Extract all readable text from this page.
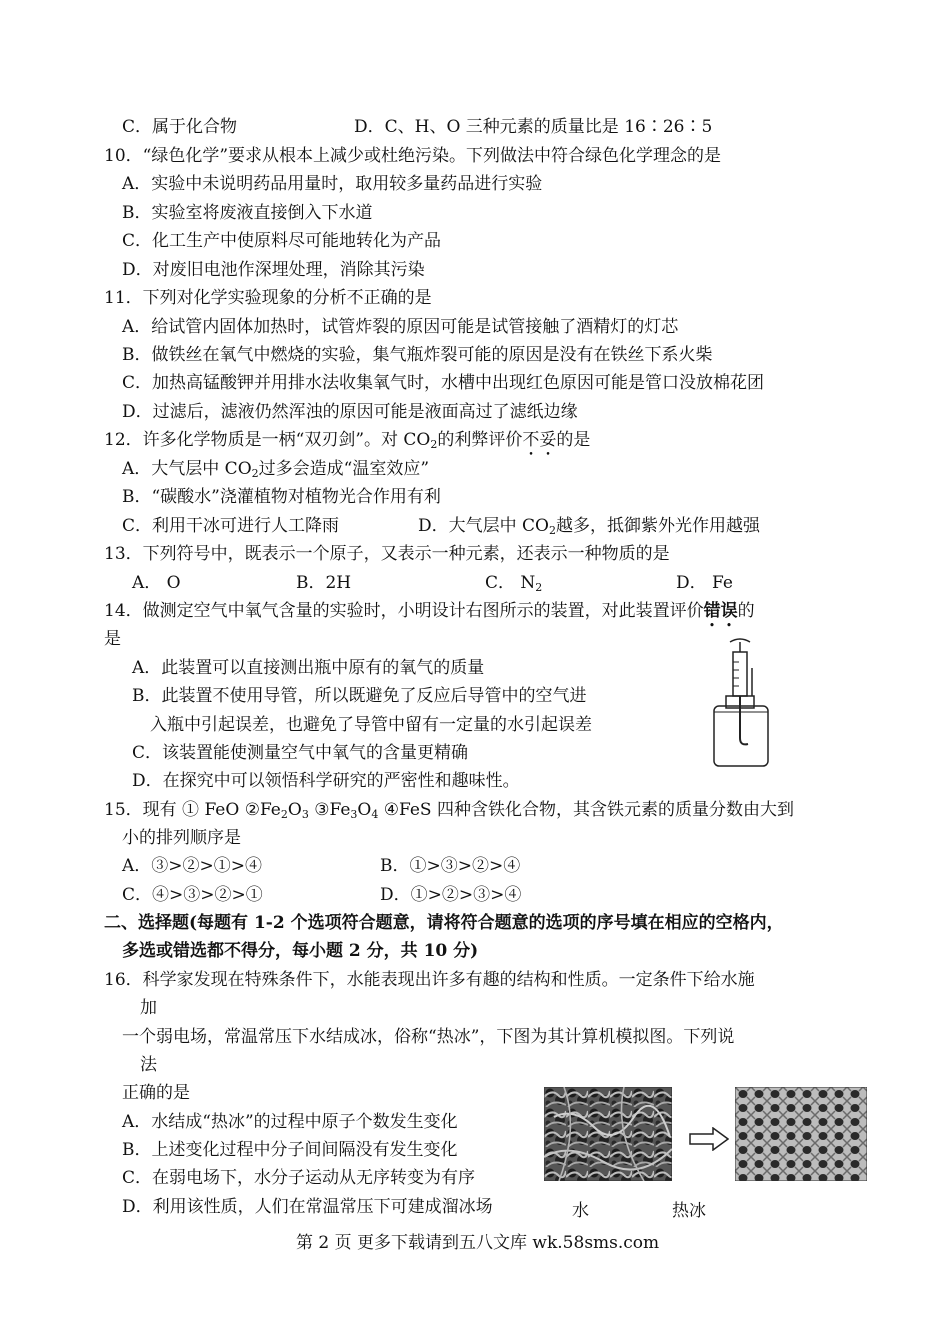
C．属于化合物	D．C、H、O 三种元素的质量比是 16∶26∶5
10．“绿色化学”要求从根本上减少或杜绝污染。下列做法中符合绿色化学理念的是
A．实验中未说明药品用量时，取用较多量药品进行实验
B．实验室将废液直接倒入下水道
C．化工生产中使原料尽可能地转化为产品
D．对废旧电池作深埋处理，消除其污染
11．下列对化学实验现象的分析不正确的是
A．给试管内固体加热时，试管炸裂的原因可能是试管接触了酒精灯的灯芯
B．做铁丝在氧气中燃烧的实验，集气瓶炸裂可能的原因是没有在铁丝下系火柴
C．加热高锰酸钾并用排水法收集氧气时，水槽中出现红色原因可能是管口没放棉花团
D．过滤后，滤液仍然浑浊的原因可能是液面高过了滤纸边缘
12．许多化学物质是一柄“双刃剑”。对 $CO_2$的利弊评价不妥的是
A．大气层中 $CO_2$过多会造成“温室效应”
B．“碳酸水”浇灌植物对植物光合作用有利
C．利用干冰可进行人工降雨	D．大气层中 $CO_2$越多，抵御紫外光作用越强
13．下列符号中，既表示一个原子，又表示一种元素，还表示一种物质的是
A． O	B．2H	C． $N_2$	D． Fe
14．做测定空气中氧气含量的实验时，小明设计右图所示的装置，对此装置评价错误的
是
A．此装置可以直接测出瓶中原有的氧气的质量
B．此装置不使用导管，所以既避免了反应后导管中的空气进
入瓶中引起误差，也避免了导管中留有一定量的水引起误差
C．该装置能使测量空气中氧气的含量更精确
D．在探究中可以领悟科学研究的严密性和趣味性。
15．现有 ① FeO $②Fe_2O_3$ $③Fe_3O_4$ ④FeS 四种含铁化合物，其含铁元素的质量分数由大到
小的排列顺序是
A．③>②>①>④	B．①>③>②>④
C．④>③>②>①	D．①>②>③>④
二、选择题(每题有 1-2 个选项符合题意，请将符合题意的选项的序号填在相应的空格内，
多选或错选都不得分，每小题 2 分，共 10 分)
16．科学家发现在特殊条件下，水能表现出许多有趣的结构和性质。一定条件下给水施
加
一个弱电场，常温常压下水结成冰，俗称“热冰”，下图为其计算机模拟图。下列说
法
正确的是
A．水结成“热冰”的过程中原子个数发生变化
B．上述变化过程中分子间间隔没有发生变化
C．在弱电场下，水分子运动从无序转变为有序
D．利用该性质，人们在常温常压下可建成溜冰场	水	热冰
第 2 页 更多下载请到五八文库 wk.58sms.com
